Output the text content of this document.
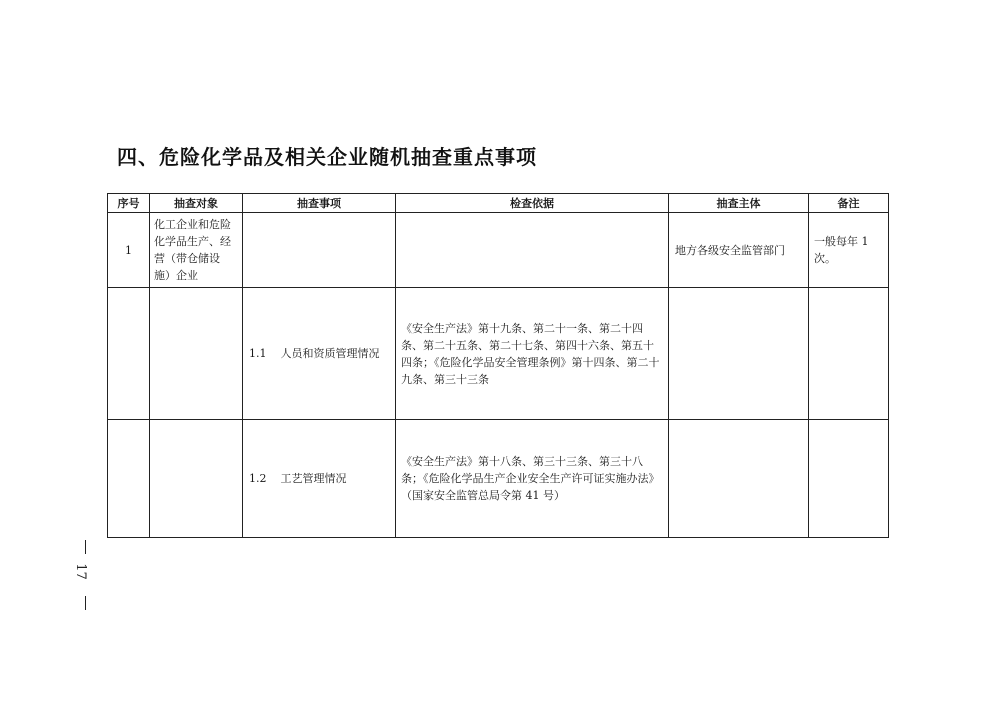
四、危险化学品及相关企业随机抽查重点事项
序号	抽查对象	抽查事项	检查依据	抽查主体	备注
1	化工企业和危险化学品生产、经营（带仓储设施）企业			地方各级安全监管部门	一般每年 1 次。
		1.1 人员和资质管理情况	《安全生产法》第十九条、第二十一条、第二十四条、第二十五条、第二十七条、第四十六条、第五十四条；《危险化学品安全管理条例》第十四条、第二十九条、第三十三条		
		1.2 工艺管理情况	《安全生产法》第十八条、第三十三条、第三十八条；《危险化学品生产企业安全生产许可证实施办法》（国家安全监管总局令第 41 号）		
17
